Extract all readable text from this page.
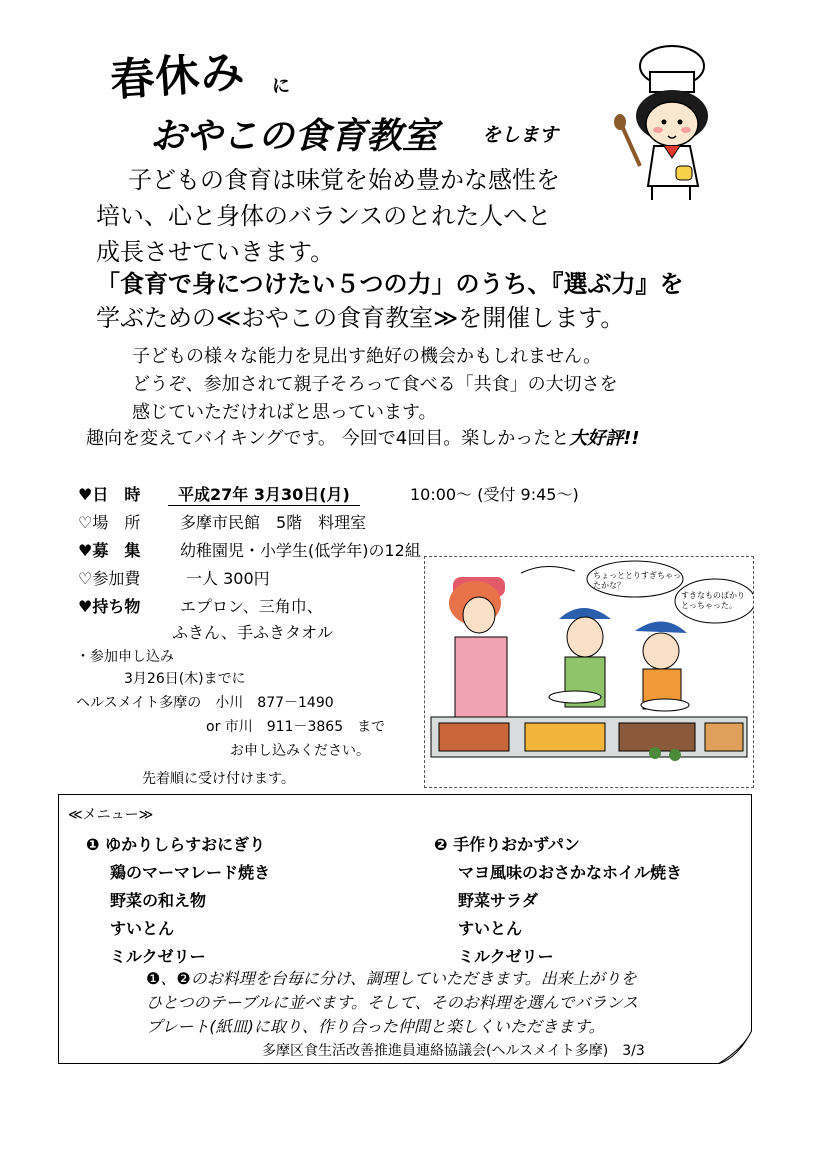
春休み に
おやこの食育教室 をします
子どもの食育は味覚を始め豊かな感性を
培い、心と身体のバランスのとれた人へと
成長させていきます。
「食育で身につけたい５つの力」のうち、『選ぶ力』を
学ぶための≪おやこの食育教室≫を開催します。
子どもの様々な能力を見出す絶好の機会かもしれません。
どうぞ、参加されて親子そろって食べる「共食」の大切さを
感じていただければと思っています。
趣向を変えてバイキングです。 今回で4回目。楽しかったと大好評!!
♥日　時	平成27年 3月30日(月)	10:00～ (受付 9:45～)
♡場　所 多摩市民館　5階　料理室
♥募　集 幼稚園児・小学生(低学年)の12組
♡参加費	一人 300円
♥持ち物 エプロン、三角巾、
ふきん、手ふきタオル
・参加申し込み
3月26日(木)までに
ヘルスメイト多摩の　小川　877－1490
or 市川　911－3865　まで
お申し込みください。
先着順に受け付けます。
ちょっととりすぎちゃったかな？
すきなものばかりとっちゃった。
≪メニュー≫
❶ ゆかりしらすおにぎり
鶏のマーマレード焼き
野菜の和え物
すいとん
ミルクゼリー
❷ 手作りおかずパン
マヨ風味のおさかなホイル焼き
野菜サラダ
すいとん
ミルクゼリー
❶、❷のお料理を台毎に分け、調理していただきます。出来上がりを
ひとつのテーブルに並べます。そして、そのお料理を選んでバランス
プレート(紙皿)に取り、作り合った仲間と楽しくいただきます。
多摩区食生活改善推進員連絡協議会(ヘルスメイト多摩)　3/3
